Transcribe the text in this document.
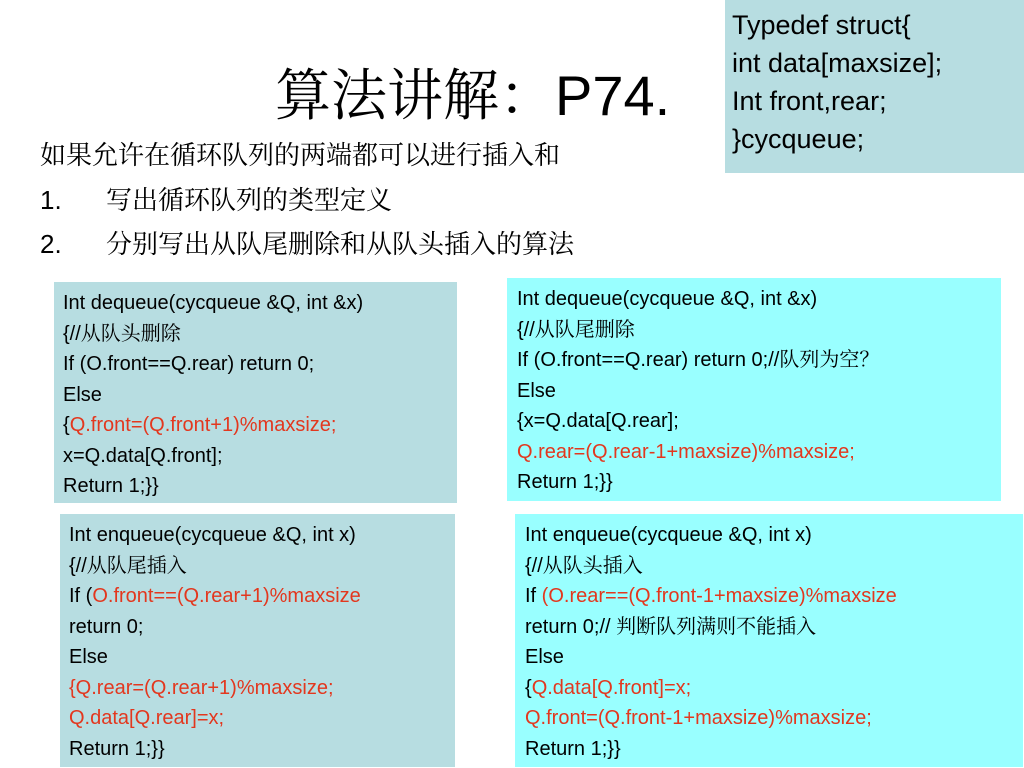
算法讲解：P74.
如果允许在循环队列的两端都可以进行插入和
1. 写出循环队列的类型定义
2. 分别写出从队尾删除和从队头插入的算法
Typedef struct{
int data[maxsize];
Int front,rear;
}cycqueue;
Int dequeue(cycqueue &Q, int &x)
{//从队头删除
If (O.front==Q.rear) return 0;
Else
{Q.front=(Q.front+1)%maxsize;
x=Q.data[Q.front];
Return 1;}}
Int dequeue(cycqueue &Q, int &x)
{//从队尾删除
If (O.front==Q.rear) return 0;//队列为空？
Else
{x=Q.data[Q.rear];
Q.rear=(Q.rear-1+maxsize)%maxsize;
Return 1;}}
Int enqueue(cycqueue &Q, int x)
{//从队尾插入
If (O.front==(Q.rear+1)%maxsize
return 0;
Else
{Q.rear=(Q.rear+1)%maxsize;
Q.data[Q.rear]=x;
Return 1;}}
Int enqueue(cycqueue &Q, int x)
{//从队头插入
If (O.rear==(Q.front-1+maxsize)%maxsize
return 0;// 判断队列满则不能插入
Else
{Q.data[Q.front]=x;
Q.front=(Q.front-1+maxsize)%maxsize;
Return 1;}}
